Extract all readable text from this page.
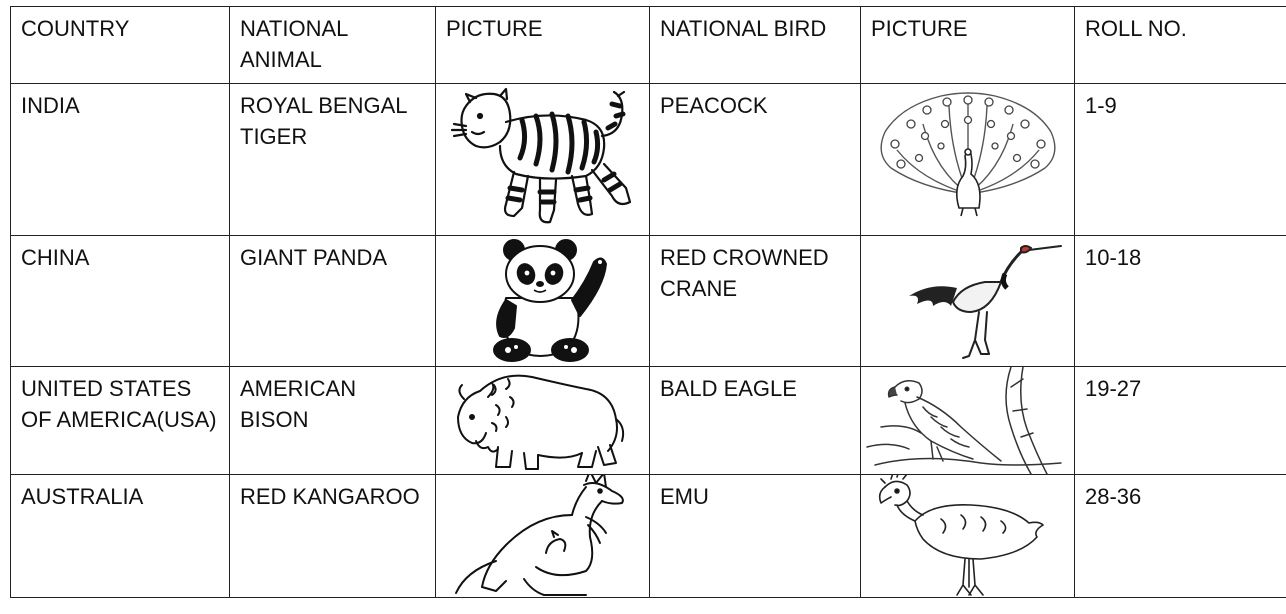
COUNTRY	NATIONAL ANIMAL	PICTURE	NATIONAL BIRD	PICTURE	ROLL NO.
INDIA	ROYAL BENGAL TIGER		PEACOCK		1-9
CHINA	GIANT PANDA		RED CROWNED CRANE		10-18
UNITED STATES OF AMERICA(USA)	AMERICAN BISON		BALD EAGLE		19-27
AUSTRALIA	RED KANGAROO		EMU		28-36
